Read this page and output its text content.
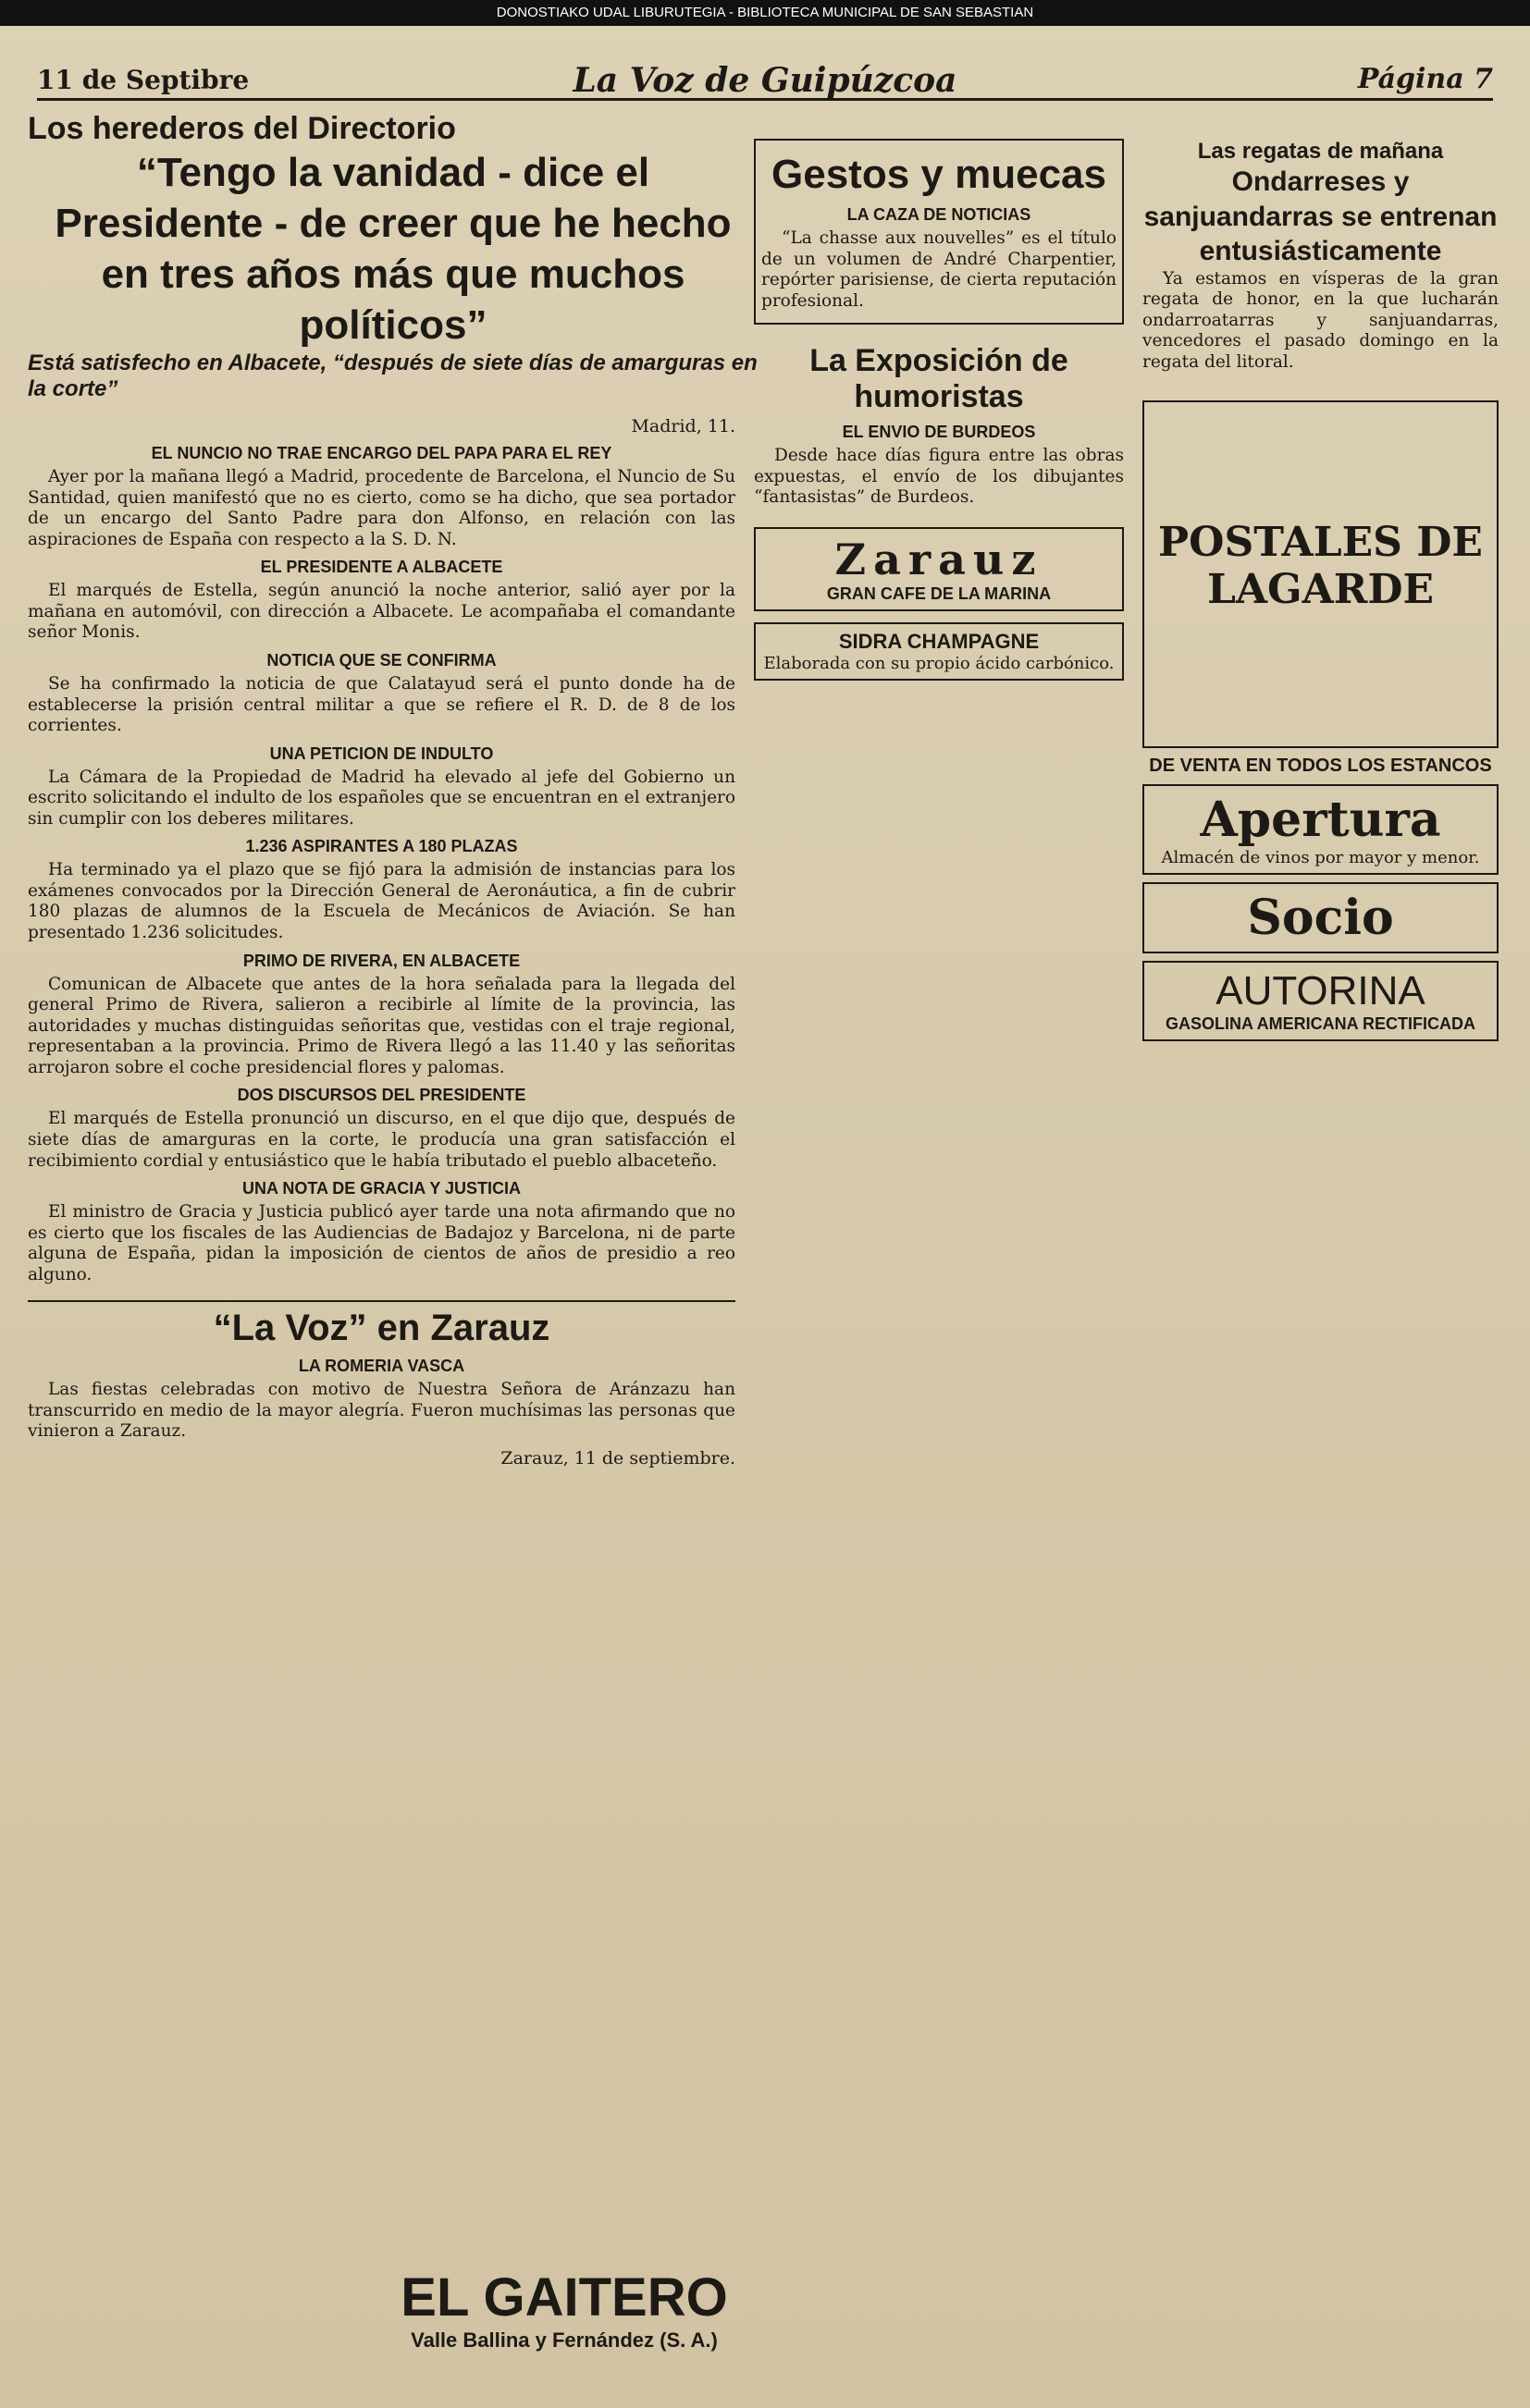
DONOSTIAKO UDAL LIBURUTEGIA - BIBLIOTECA MUNICIPAL DE SAN SEBASTIAN
11 de Septibre	La Voz de Guipúzcoa	Página 7
Los herederos del Directorio
“Tengo la vanidad - dice el Presidente - de creer que he hecho en tres años más que muchos políticos”
Está satisfecho en Albacete, “después de siete días de amarguras en la corte”
Madrid, 11.
EL NUNCIO NO TRAE ENCARGO DEL PAPA PARA EL REY

Ayer por la mañana llegó a Madrid, procedente de Barcelona, el Nuncio de Su Santidad, quien manifestó que no es cierto, como se ha dicho, que sea portador de un encargo del Santo Padre para don Alfonso, en relación con las aspiraciones de España con respecto a la S. D. N.

EL PRESIDENTE A ALBACETE

El marqués de Estella, según anunció la noche anterior, salió ayer por la mañana en automóvil, con dirección a Albacete. Le acompañaba el comandante señor Monis.

NOTICIA QUE SE CONFIRMA

Se ha confirmado la noticia de que Calatayud será el punto donde ha de establecerse la prisión central militar a que se refiere el R. D. de 8 de los corrientes.

UNA PETICION DE INDULTO

La Cámara de la Propiedad de Madrid ha elevado al jefe del Gobierno un escrito solicitando el indulto de los españoles que se encuentran en el extranjero sin cumplir con los deberes militares.

1.236 ASPIRANTES A 180 PLAZAS

Ha terminado ya el plazo que se fijó para la admisión de instancias para los exámenes convocados por la Dirección General de Aeronáutica, a fin de cubrir 180 plazas de alumnos de la Escuela de Mecánicos de Aviación. Se han presentado 1.236 solicitudes.

PRIMO DE RIVERA, EN ALBACETE

Comunican de Albacete que antes de la hora señalada para la llegada del general Primo de Rivera, salieron a recibirle al límite de la provincia, las autoridades y muchas distinguidas señoritas que, vestidas con el traje regional, representaban a la provincia. Primo de Rivera llegó a las 11.40 y las señoritas arrojaron sobre el coche presidencial flores y palomas.

DOS DISCURSOS DEL PRESIDENTE

El marqués de Estella pronunció un discurso, en el que dijo que, después de siete días de amarguras en la corte, le producía una gran satisfacción el recibimiento cordial y entusiástico que le había tributado el pueblo albaceteño.

UNA NOTA DE GRACIA Y JUSTICIA

El ministro de Gracia y Justicia publicó ayer tarde una nota afirmando que no es cierto que los fiscales de las Audiencias de Badajoz y Barcelona, ni de parte alguna de España, pidan la imposición de cientos de años de presidio a reo alguno.

“La Voz” en Zarauz
LA ROMERIA VASCA

Las fiestas celebradas con motivo de Nuestra Señora de Aránzazu han transcurrido en medio de la mayor alegría. Fueron muchísimas las personas que vinieron a Zarauz.

Zarauz, 11 de septiembre.
Gestos y muecas
LA CAZA DE NOTICIAS

“La chasse aux nouvelles” es el título de un volumen de André Charpentier, repórter parisiense, de cierta reputación profesional.

La Exposición de humoristas
EL ENVIO DE BURDEOS

Desde hace días figura entre las obras expuestas, el envío de los dibujantes “fantasistas” de Burdeos.

Zarauz
GRAN CAFE DE LA MARINA
SIDRA CHAMPAGNE
Elaborada con su propio ácido carbónico.
Las regatas de mañana
Ondarreses y sanjuandarras se entrenan entusiásticamente

Ya estamos en vísperas de la gran regata de honor, en la que lucharán ondarroatarras y sanjuandarras, vencedores el pasado domingo en la regata del litoral.

POSTALES DE LAGARDE
DE VENTA EN TODOS LOS ESTANCOS
Apertura
Almacén de vinos por mayor y menor.
Socio
AUTORINA
GASOLINA AMERICANA RECTIFICADA
EL GAITERO
Valle Ballina y Fernández (S. A.)
